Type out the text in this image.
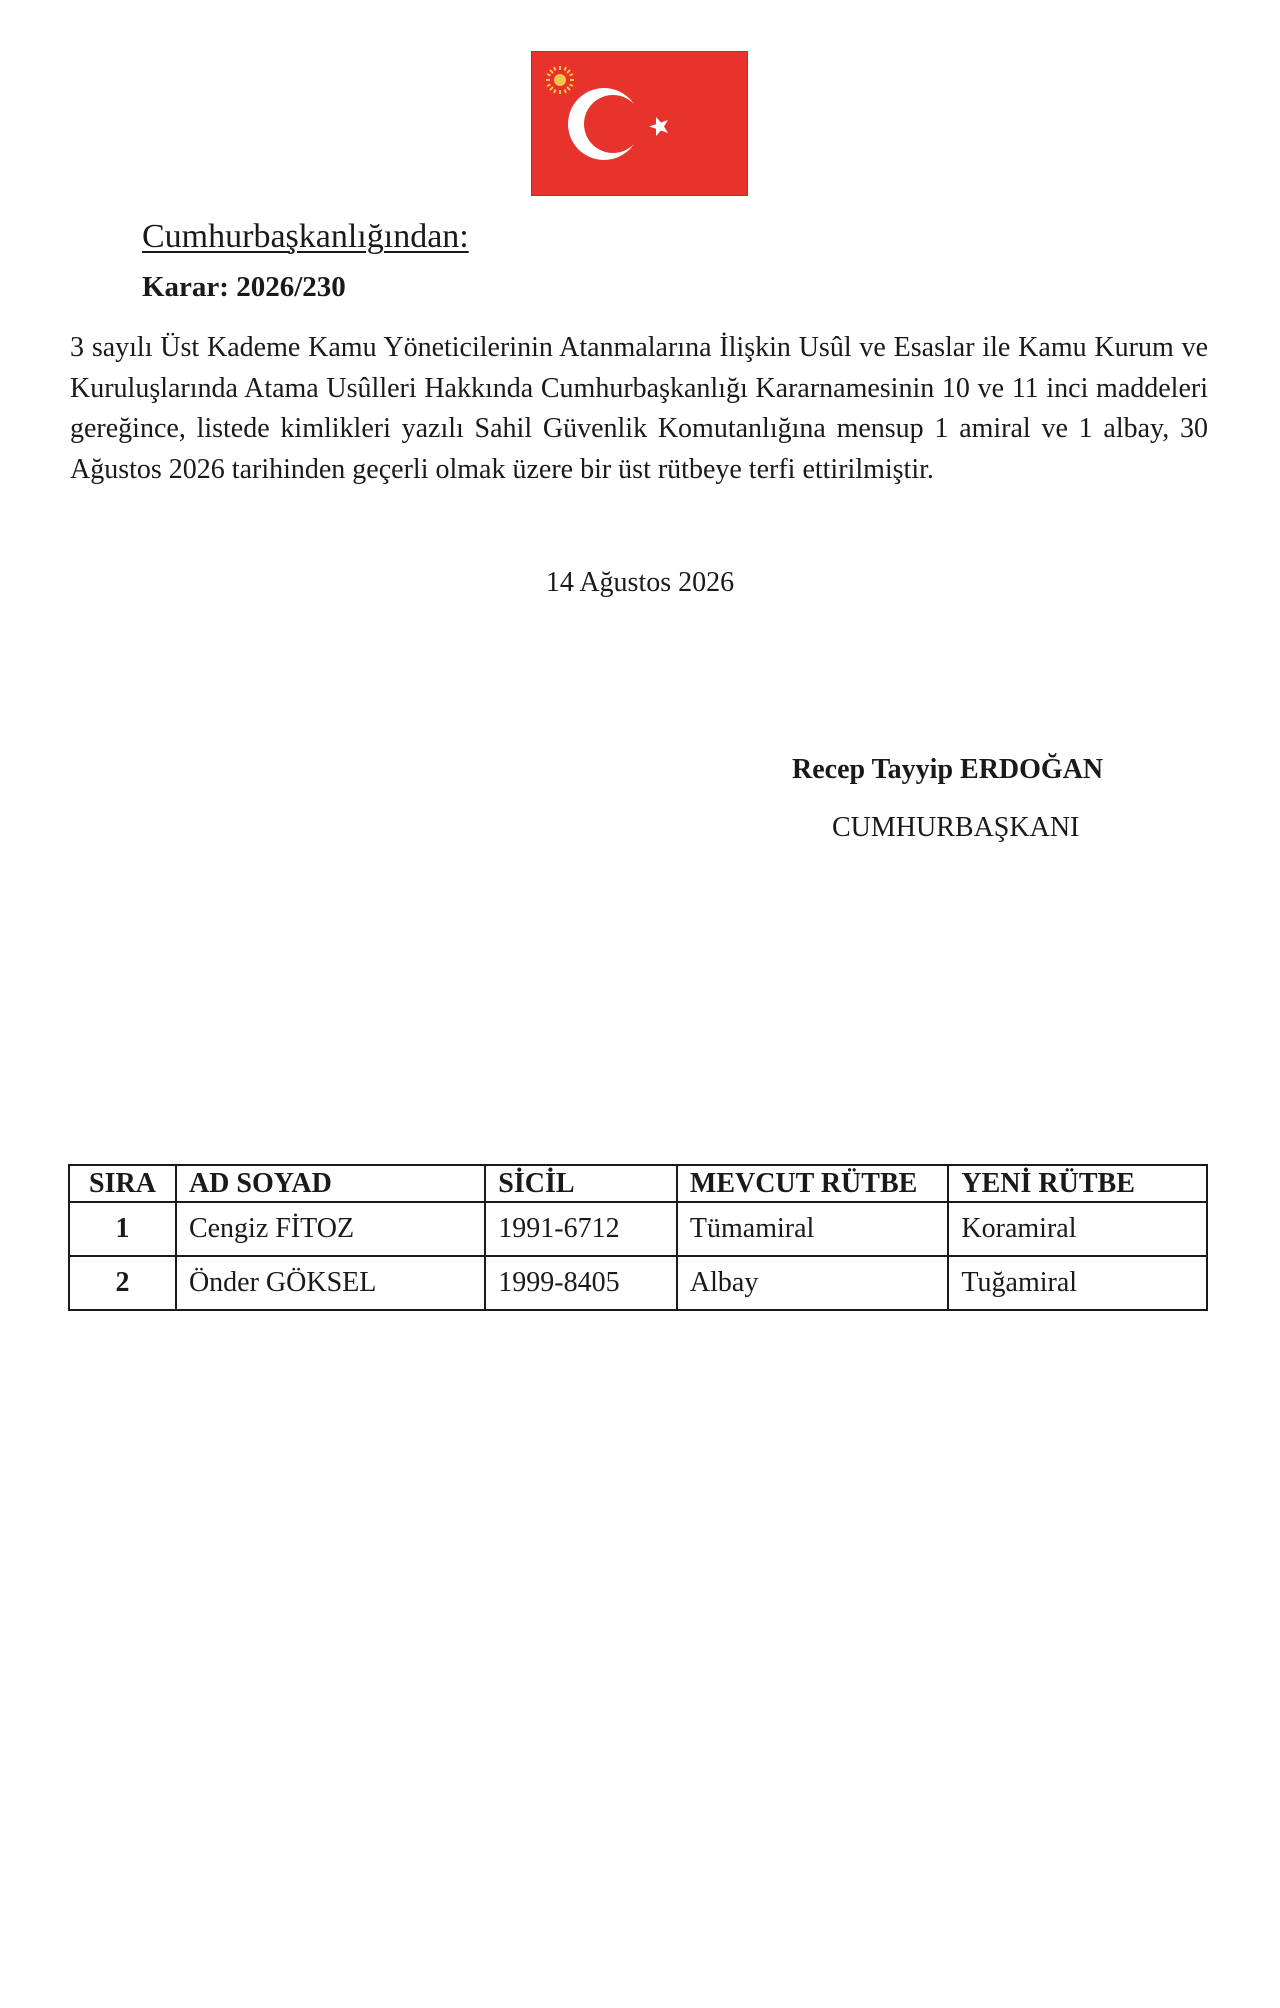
Cumhurbaşkanlığından:
Karar: 2026/230
3 sayılı Üst Kademe Kamu Yöneticilerinin Atanmalarına İlişkin Usûl ve Esaslar ile Kamu Kurum ve Kuruluşlarında Atama Usûlleri Hakkında Cumhurbaşkanlığı Kararnamesinin 10 ve 11 inci maddeleri gereğince, listede kimlikleri yazılı Sahil Güvenlik Komutanlığına mensup 1 amiral ve 1 albay, 30 Ağustos 2026 tarihinden geçerli olmak üzere bir üst rütbeye terfi ettirilmiştir.
14 Ağustos 2026
Recep Tayyip ERDOĞAN
CUMHURBAŞKANI
SIRA	AD SOYAD	SİCİL	MEVCUT RÜTBE	YENİ RÜTBE
1	Cengiz FİTOZ	1991-6712	Tümamiral	Koramiral
2	Önder GÖKSEL	1999-8405	Albay	Tuğamiral
